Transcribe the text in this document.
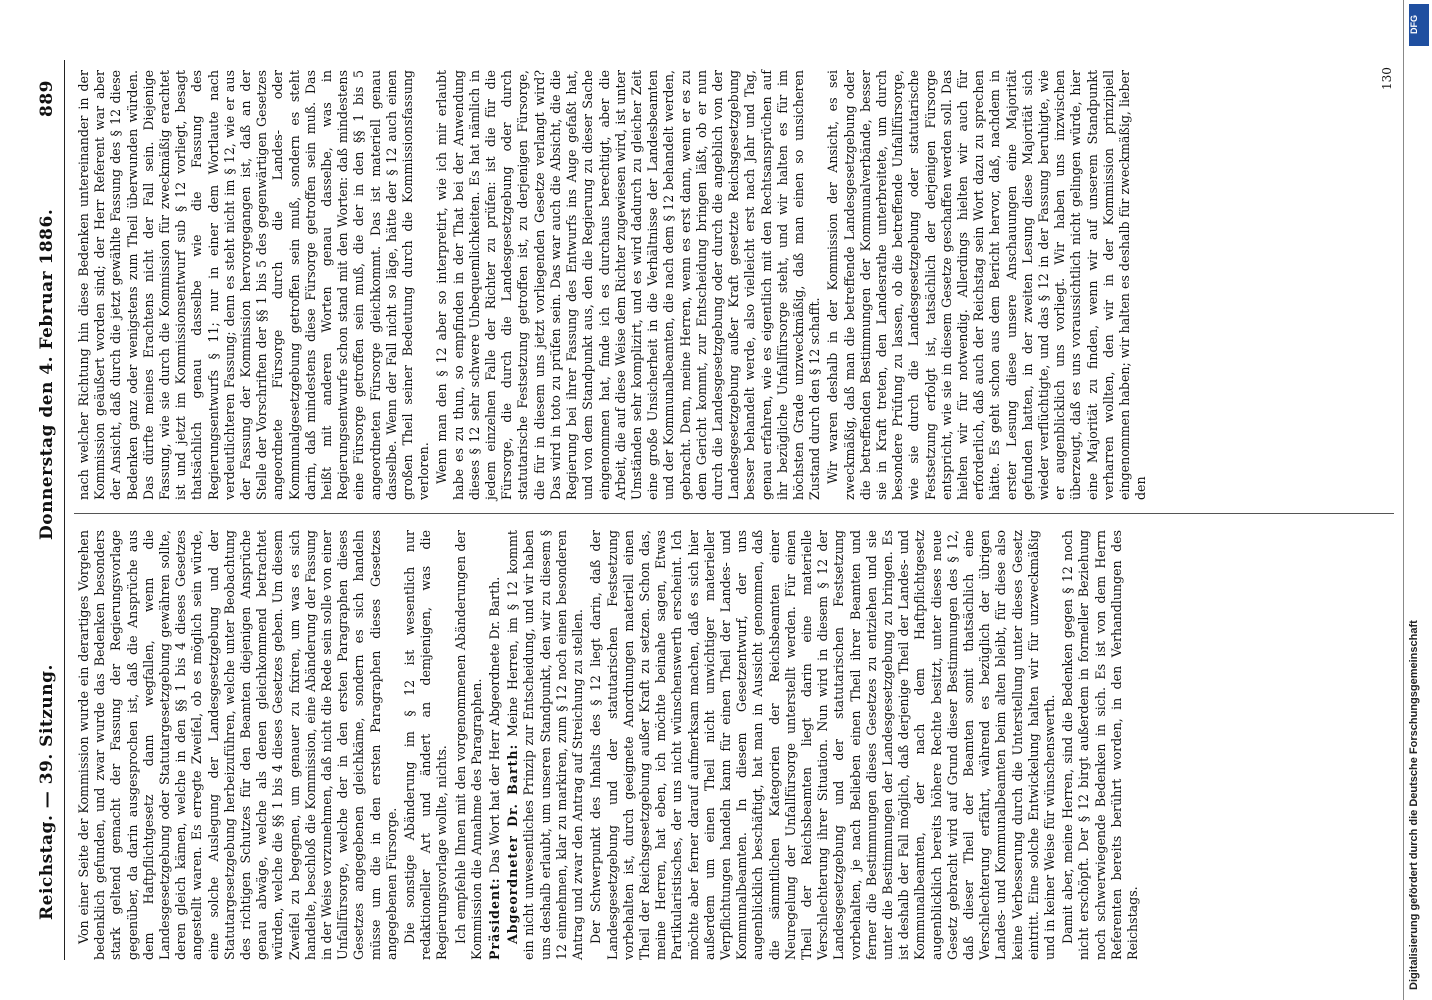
Reichstag. — 39. Sitzung.
Donnerstag den 4. Februar 1886.
889

Von einer Seite der Kommission wurde ein derartiges Vorgehen bedenklich gefunden, und zwar wurde das Bedenken besonders stark geltend gemacht der Fassung der Regierungsvorlage gegenüber, da darin ausgesprochen ist, daß die Ansprüche aus dem Haftpflichtgesetz dann wegfallen, wenn die Landesgesetzgebung oder Statutargesetzgebung gewähren sollte, deren gleich kämen, welche in den §§ 1 bis 4 dieses Gesetzes angestellt waren. Es erregte Zweifel, ob es möglich sein würde, eine solche Auslegung der Landesgesetzgebung und der Statutargesetzgebung herbeizuführen, welche unter Beobachtung des richtigen Schutzes für den Beamten diejenigen Ansprüche genau abwäge, welche als denen gleichkommend betrachtet würden, welche die §§ 1 bis 4 dieses Gesetzes geben. Um diesem Zweifel zu begegnen, um genauer zu fixiren, um was es sich handelte, beschloß die Kommission, eine Abänderung der Fassung in der Weise vorzunehmen, daß nicht die Rede sein solle von einer Unfallfürsorge, welche der in den ersten Paragraphen dieses Gesetzes angegebenen gleichkäme, sondern es sich handeln müsse um die in den ersten Paragraphen dieses Gesetzes angegebenen Fürsorge. Die sonstige Abänderung im § 12 ist wesentlich nur redaktioneller Art und ändert an demjenigen, was die Regierungsvorlage wollte, nichts. Ich empfehle Ihnen mit den vorgenommenen Abänderungen der Kommission die Annahme des Paragraphen. Präsident: Das Wort hat der Herr Abgeordnete Dr. Barth. Abgeordneter Dr. Barth: Meine Herren, im § 12 kommt ein nicht unwesentliches Prinzip zur Entscheidung, und wir haben uns deshalb erlaubt, um unseren Standpunkt, den wir zu diesem § 12 einnehmen, klar zu markiren, zum § 12 noch einen besonderen Antrag und zwar den Antrag auf Streichung zu stellen. Der Schwerpunkt des Inhalts des § 12 liegt darin, daß der Landesgesetzgebung und der statutarischen Festsetzung vorbehalten ist, durch geeignete Anordnungen materiell einen Theil der Reichsgesetzgebung außer Kraft zu setzen. Schon das, meine Herren, hat eben, ich möchte beinahe sagen, Etwas Partikularistisches, der uns nicht wünschenswerth erscheint. Ich möchte aber ferner darauf aufmerksam machen, daß es sich hier außerdem um einen Theil nicht unwichtiger materieller Verpflichtungen handeln kann für einen Theil der Landes- und Kommunalbeamten. In diesem Gesetzentwurf, der uns augenblicklich beschäftigt, hat man in Aussicht genommen, daß die sämmtlichen Kategorien der Reichsbeamten einer Neuregelung der Unfallfürsorge unterstellt werden. Für einen Theil der Reichsbeamten liegt darin eine materielle Verschlechterung ihrer Situation. Nun wird in diesem § 12 der Landesgesetzgebung und der statutarischen Festsetzung vorbehalten, je nach Belieben einen Theil ihrer Beamten und ferner die Bestimmungen dieses Gesetzes zu entziehen und sie unter die Bestimmungen der Landesgesetzgebung zu bringen. Es ist deshalb der Fall möglich, daß derjenige Theil der Landes- und Kommunalbeamten, der nach dem Haftpflichtgesetz augenblicklich bereits höhere Rechte besitzt, unter dieses neue Gesetz gebracht wird auf Grund dieser Bestimmungen des § 12, daß dieser Theil der Beamten somit thatsächlich eine Verschlechterung erfährt, während es bezüglich der übrigen Landes- und Kommunalbeamten beim alten bleibt, für diese also keine Verbesserung durch die Unterstellung unter dieses Gesetz eintritt. Eine solche Entwickelung halten wir für unzweckmäßig und in keiner Weise für wünschenswerth. Damit aber, meine Herren, sind die Bedenken gegen § 12 noch nicht erschöpft. Der § 12 birgt außerdem in formeller Beziehung noch schwerwiegende Bedenken in sich. Es ist von dem Herrn Referenten bereits berührt worden, in den Verhandlungen des Reichstags.

nach welcher Richtung hin diese Bedenken untereinander in der Kommission geäußert worden sind; der Herr Referent war aber der Ansicht, daß durch die jetzt gewählte Fassung des § 12 diese Bedenken ganz oder wenigstens zum Theil überwunden würden. Das dürfte meines Erachtens nicht der Fall sein. Diejenige Fassung, wie sie durch die Kommission für zweckmäßig erachtet ist und jetzt im Kommissionsentwurf sub § 12 vorliegt, besagt thatsächlich genau dasselbe wie die Fassung des Regierungsentwurfs § 11; nur in einer dem Wortlaute nach verdeutlichteren Fassung; denn es steht nicht im § 12, wie er aus der Fassung der Kommission hervorgegangen ist, daß an der Stelle der Vorschriften der §§ 1 bis 5 des gegenwärtigen Gesetzes angeordnete Fürsorge durch die Landes- oder Kommunalgesetzgebung getroffen sein muß, sondern es steht darin, daß mindestens diese Fürsorge getroffen sein muß. Das heißt mit anderen Worten genau dasselbe, was in Regierungsentwurfe schon stand mit den Worten: daß mindestens eine Fürsorge getroffen sein muß, die der in den §§ 1 bis 5 angeordneten Fürsorge gleichkommt. Das ist materiell genau dasselbe. Wenn der Fall nicht so läge, hätte der § 12 auch einen großen Theil seiner Bedeutung durch die Kommissionsfassung verloren. Wenn man den § 12 aber so interpretirt, wie ich mir erlaubt habe es zu thun, so empfinden in der That bei der Anwendung dieses § 12 sehr schwere Unbequemlichkeiten. Es hat nämlich in jedem einzelnen Falle der Richter zu prüfen: ist die für die Fürsorge, die durch die Landesgesetzgebung oder durch statutarische Festsetzung getroffen ist, zu derjenigen Fürsorge, die für in diesem uns jetzt vorliegenden Gesetze verlangt wird? Das wird in toto zu prüfen sein. Das war auch die Absicht, die die Regierung bei ihrer Fassung des Entwurfs ins Auge gefaßt hat, und von dem Standpunkt aus, den die Regierung zu dieser Sache eingenommen hat, finde ich es durchaus berechtigt, aber die Arbeit, die auf diese Weise dem Richter zugewiesen wird, ist unter Umständen sehr komplizirt, und es wird dadurch zu gleicher Zeit eine große Unsicherheit in die Verhältnisse der Landesbeamten und der Kommunalbeamten, die nach dem § 12 behandelt werden, gebracht. Denn, meine Herren, wenn es erst dann, wenn er es zu dem Gericht kommt, zur Entscheidung bringen läßt, ob er nun durch die Landesgesetzgebung oder durch die angeblich von der Landesgesetzgebung außer Kraft gesetzte Reichsgesetzgebung besser behandelt werde, also vielleicht erst nach Jahr und Tag, genau erfahren, wie es eigentlich mit den Rechtsansprüchen auf ihr bezügliche Unfallfürsorge steht, und wir halten es für im höchsten Grade unzweckmäßig, daß man einen so unsicheren Zustand durch den § 12 schafft. Wir waren deshalb in der Kommission der Ansicht, es sei zweckmäßig, daß man die betreffende Landesgesetzgebung oder die betreffenden Bestimmungen der Kommunalverbände, besser sie in Kraft treten, den Landesrathe unterbreitete, um durch besondere Prüfung zu lassen, ob die betreffende Unfallfürsorge, wie sie durch die Landesgesetzgebung oder statutarische Festsetzung erfolgt ist, tatsächlich der derjenigen Fürsorge entspricht, wie sie in diesem Gesetze geschaffen werden soll. Das hielten wir für notwendig. Allerdings hielten wir auch für erforderlich, daß auch der Reichstag sein Wort dazu zu sprechen hätte. Es geht schon aus dem Bericht hervor, daß, nachdem in erster Lesung diese unsere Anschauungen eine Majorität gefunden hatten, in der zweiten Lesung diese Majorität sich wieder verflüchtigte, und das § 12 in der Fassung beruhigte, wie er augenblicklich uns vorliegt. Wir haben uns inzwischen überzeugt, daß es uns voraussichtlich nicht gelingen würde, hier eine Majorität zu finden, wenn wir auf unserem Standpunkt verharren wollten, den wir in der Kommission prinzipiell eingenommen haben; wir halten es deshalb für zweckmäßig, lieber den

130
DFG
Digitalisierung gefördert durch die Deutsche Forschungsgemeinschaft
